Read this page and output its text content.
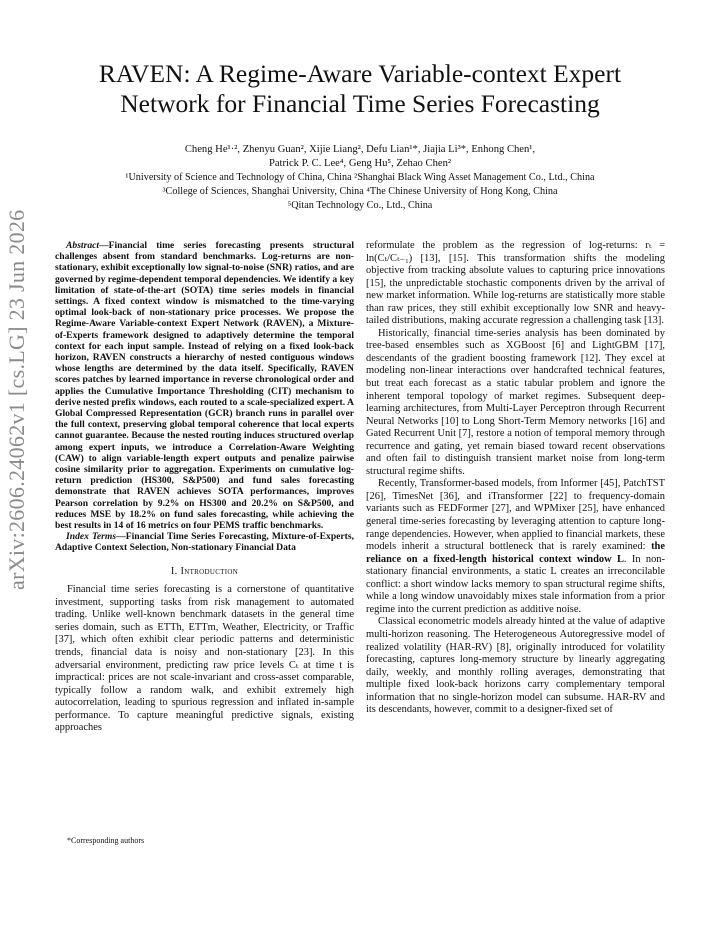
arXiv:2606.24062v1 [cs.LG] 23 Jun 2026
RAVEN: A Regime-Aware Variable-context Expert
Network for Financial Time Series Forecasting
Cheng He¹·², Zhenyu Guan², Xijie Liang², Defu Lian¹*, Jiajia Li³*, Enhong Chen¹,
Patrick P. C. Lee⁴, Geng Hu⁵, Zehao Chen²
¹University of Science and Technology of China, China ²Shanghai Black Wing Asset Management Co., Ltd., China
³College of Sciences, Shanghai University, China ⁴The Chinese University of Hong Kong, China
⁵Qitan Technology Co., Ltd., China

Abstract—Financial time series forecasting presents structural challenges absent from standard benchmarks. Log-returns are non-stationary, exhibit exceptionally low signal-to-noise (SNR) ratios, and are governed by regime-dependent temporal dependencies. We identify a key limitation of state-of-the-art (SOTA) time series models in financial settings. A fixed context window is mismatched to the time-varying optimal look-back of non-stationary price processes. We propose the Regime-Aware Variable-context Expert Network (RAVEN), a Mixture-of-Experts framework designed to adaptively determine the temporal context for each input sample. Instead of relying on a fixed look-back horizon, RAVEN constructs a hierarchy of nested contiguous windows whose lengths are determined by the data itself. Specifically, RAVEN scores patches by learned importance in reverse chronological order and applies the Cumulative Importance Thresholding (CIT) mechanism to derive nested prefix windows, each routed to a scale-specialized expert. A Global Compressed Representation (GCR) branch runs in parallel over the full context, preserving global temporal coherence that local experts cannot guarantee. Because the nested routing induces structured overlap among expert inputs, we introduce a Correlation-Aware Weighting (CAW) to align variable-length expert outputs and penalize pairwise cosine similarity prior to aggregation. Experiments on cumulative log-return prediction (HS300, S&P500) and fund sales forecasting demonstrate that RAVEN achieves SOTA performances, improves Pearson correlation by 9.2% on HS300 and 20.2% on S&P500, and reduces MSE by 18.2% on fund sales forecasting, while achieving the best results in 14 of 16 metrics on four PEMS traffic benchmarks.

Index Terms—Financial Time Series Forecasting, Mixture-of-Experts, Adaptive Context Selection, Non-stationary Financial Data

I. Introduction

Financial time series forecasting is a cornerstone of quantitative investment, supporting tasks from risk management to automated trading. Unlike well-known benchmark datasets in the general time series domain, such as ETTh, ETTm, Weather, Electricity, or Traffic [37], which often exhibit clear periodic patterns and deterministic trends, financial data is noisy and non-stationary [23]. In this adversarial environment, predicting raw price levels Cₜ at time t is impractical: prices are not scale-invariant and cross-asset comparable, typically follow a random walk, and exhibit extremely high autocorrelation, leading to spurious regression and inflated in-sample performance. To capture meaningful predictive signals, existing approaches

*Corresponding authors

reformulate the problem as the regression of log-returns: rₜ = ln(Cₜ/Cₜ₋₁) [13], [15]. This transformation shifts the modeling objective from tracking absolute values to capturing price innovations [15], the unpredictable stochastic components driven by the arrival of new market information. While log-returns are statistically more stable than raw prices, they still exhibit exceptionally low SNR and heavy-tailed distributions, making accurate regression a challenging task [13].

Historically, financial time-series analysis has been dominated by tree-based ensembles such as XGBoost [6] and LightGBM [17], descendants of the gradient boosting framework [12]. They excel at modeling non-linear interactions over handcrafted technical features, but treat each forecast as a static tabular problem and ignore the inherent temporal topology of market regimes. Subsequent deep-learning architectures, from Multi-Layer Perceptron through Recurrent Neural Networks [10] to Long Short-Term Memory networks [16] and Gated Recurrent Unit [7], restore a notion of temporal memory through recurrence and gating, yet remain biased toward recent observations and often fail to distinguish transient market noise from long-term structural regime shifts.

Recently, Transformer-based models, from Informer [45], PatchTST [26], TimesNet [36], and iTransformer [22] to frequency-domain variants such as FEDFormer [27], and WPMixer [25], have enhanced general time-series forecasting by leveraging attention to capture long-range dependencies. However, when applied to financial markets, these models inherit a structural bottleneck that is rarely examined: the reliance on a fixed-length historical context window L. In non-stationary financial environments, a static L creates an irreconcilable conflict: a short window lacks memory to span structural regime shifts, while a long window unavoidably mixes stale information from a prior regime into the current prediction as additive noise.

Classical econometric models already hinted at the value of adaptive multi-horizon reasoning. The Heterogeneous Autoregressive model of realized volatility (HAR-RV) [8], originally introduced for volatility forecasting, captures long-memory structure by linearly aggregating daily, weekly, and monthly rolling averages, demonstrating that multiple fixed look-back horizons carry complementary temporal information that no single-horizon model can subsume. HAR-RV and its descendants, however, commit to a designer-fixed set of
